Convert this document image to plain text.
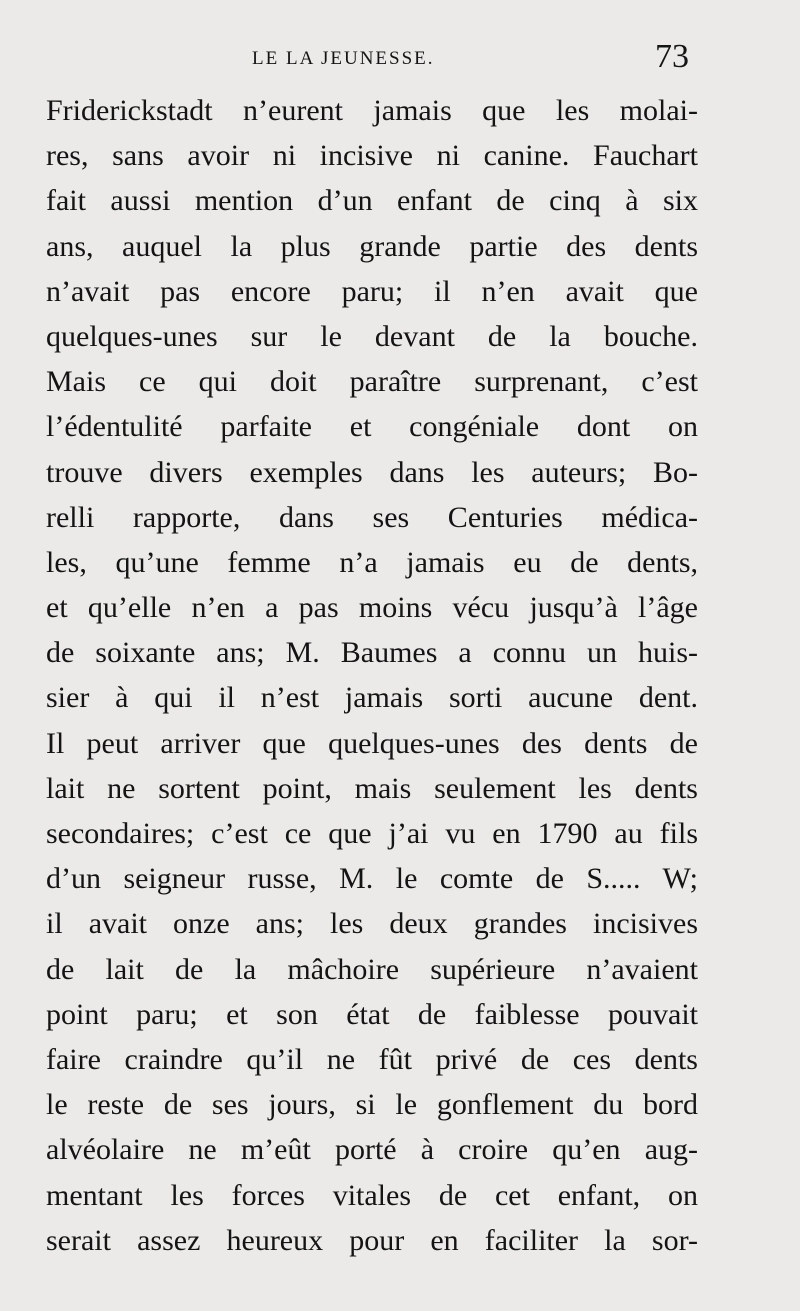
LE LA JEUNESSE.	73
Friderickstadt n’eurent jamais que les molai-
res, sans avoir ni incisive ni canine. Fauchart
fait aussi mention d’un enfant de cinq à six
ans, auquel la plus grande partie des dents
n’avait pas encore paru; il n’en avait que
quelques-unes sur le devant de la bouche.
Mais ce qui doit paraître surprenant, c’est
l’édentulité parfaite et congéniale dont on
trouve divers exemples dans les auteurs; Bo-
relli rapporte, dans ses Centuries médica-
les, qu’une femme n’a jamais eu de dents,
et qu’elle n’en a pas moins vécu jusqu’à l’âge
de soixante ans; M. Baumes a connu un huis-
sier à qui il n’est jamais sorti aucune dent.
Il peut arriver que quelques-unes des dents de
lait ne sortent point, mais seulement les dents
secondaires; c’est ce que j’ai vu en 1790 au fils
d’un seigneur russe, M. le comte de S..... W;
il avait onze ans; les deux grandes incisives
de lait de la mâchoire supérieure n’avaient
point paru; et son état de faiblesse pouvait
faire craindre qu’il ne fût privé de ces dents
le reste de ses jours, si le gonflement du bord
alvéolaire ne m’eût porté à croire qu’en aug-
mentant les forces vitales de cet enfant, on
serait assez heureux pour en faciliter la sor-
